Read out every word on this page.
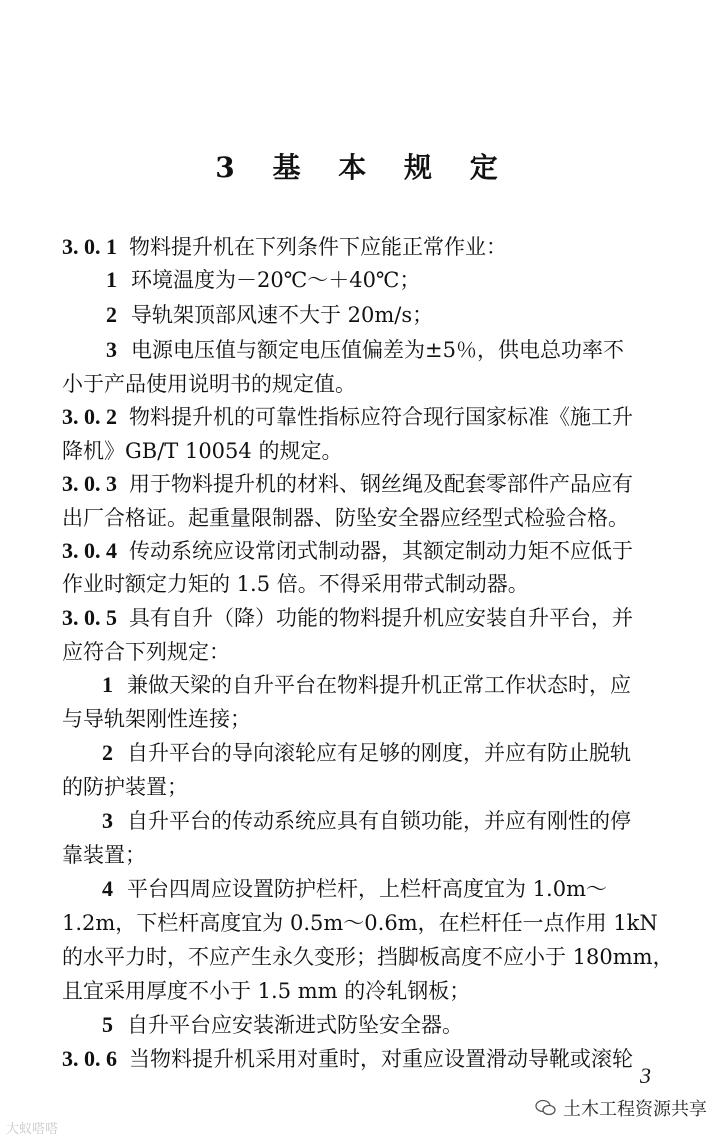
3 基 本 规 定
3. 0. 1 物料提升机在下列条件下应能正常作业：
1 环境温度为－20℃～＋40℃；
2 导轨架顶部风速不大于 20m/s；
3 电源电压值与额定电压值偏差为±5％，供电总功率不
小于产品使用说明书的规定值。
3. 0. 2 物料提升机的可靠性指标应符合现行国家标准《施工升
降机》GB/T 10054 的规定。
3. 0. 3 用于物料提升机的材料、钢丝绳及配套零部件产品应有
出厂合格证。起重量限制器、防坠安全器应经型式检验合格。
3. 0. 4 传动系统应设常闭式制动器，其额定制动力矩不应低于
作业时额定力矩的 1.5 倍。不得采用带式制动器。
3. 0. 5 具有自升（降）功能的物料提升机应安装自升平台，并
应符合下列规定：
1 兼做天梁的自升平台在物料提升机正常工作状态时，应
与导轨架刚性连接；
2 自升平台的导向滚轮应有足够的刚度，并应有防止脱轨
的防护装置；
3 自升平台的传动系统应具有自锁功能，并应有刚性的停
靠装置；
4 平台四周应设置防护栏杆，上栏杆高度宜为 1.0m～
1.2m，下栏杆高度宜为 0.5m～0.6m，在栏杆任一点作用 1kN
的水平力时，不应产生永久变形；挡脚板高度不应小于 180mm，
且宜采用厚度不小于 1.5 mm 的冷轧钢板；
5 自升平台应安装渐进式防坠安全器。
3. 0. 6 当物料提升机采用对重时，对重应设置滑动导靴或滚轮
3
土木工程资源共享
大蚁嗒嗒
